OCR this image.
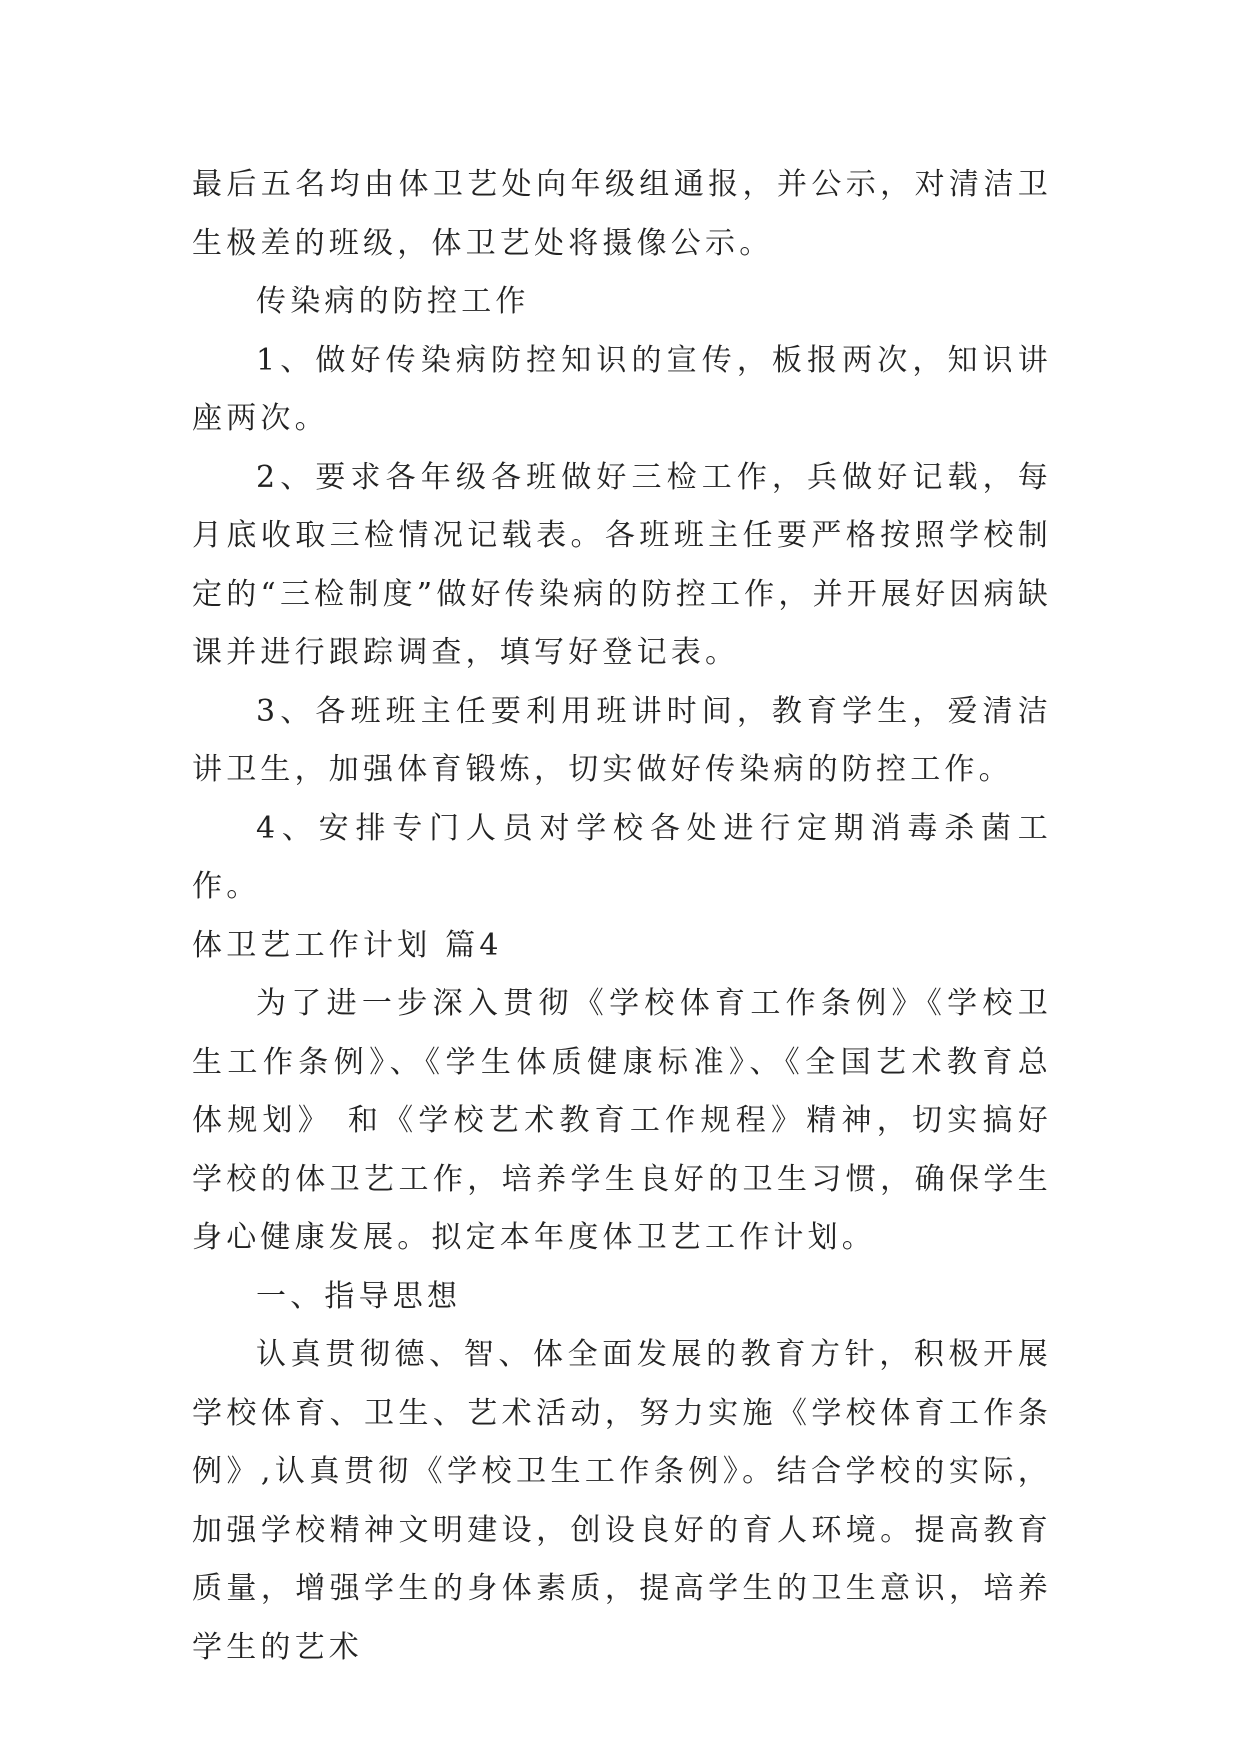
最后五名均由体卫艺处向年级组通报，并公示，对清洁卫生极差的班级，体卫艺处将摄像公示。

传染病的防控工作

1、做好传染病防控知识的宣传，板报两次，知识讲座两次。

2、要求各年级各班做好三检工作，兵做好记载，每月底收取三检情况记载表。各班班主任要严格按照学校制定的“三检制度”做好传染病的防控工作，并开展好因病缺课并进行跟踪调查，填写好登记表。

3、各班班主任要利用班讲时间，教育学生，爱清洁讲卫生，加强体育锻炼，切实做好传染病的防控工作。

4、安排专门人员对学校各处进行定期消毒杀菌工作。

体卫艺工作计划 篇4

为了进一步深入贯彻《学校体育工作条例》《学校卫生工作条例》、《学生体质健康标准》、《全国艺术教育总体规划》 和《学校艺术教育工作规程》精神，切实搞好学校的体卫艺工作，培养学生良好的卫生习惯，确保学生身心健康发展。拟定本年度体卫艺工作计划。

一、指导思想

认真贯彻德、智、体全面发展的教育方针，积极开展学校体育、卫生、艺术活动，努力实施《学校体育工作条例》,认真贯彻《学校卫生工作条例》。结合学校的实际，加强学校精神文明建设，创设良好的育人环境。提高教育质量，增强学生的身体素质，提高学生的卫生意识，培养学生的艺术
